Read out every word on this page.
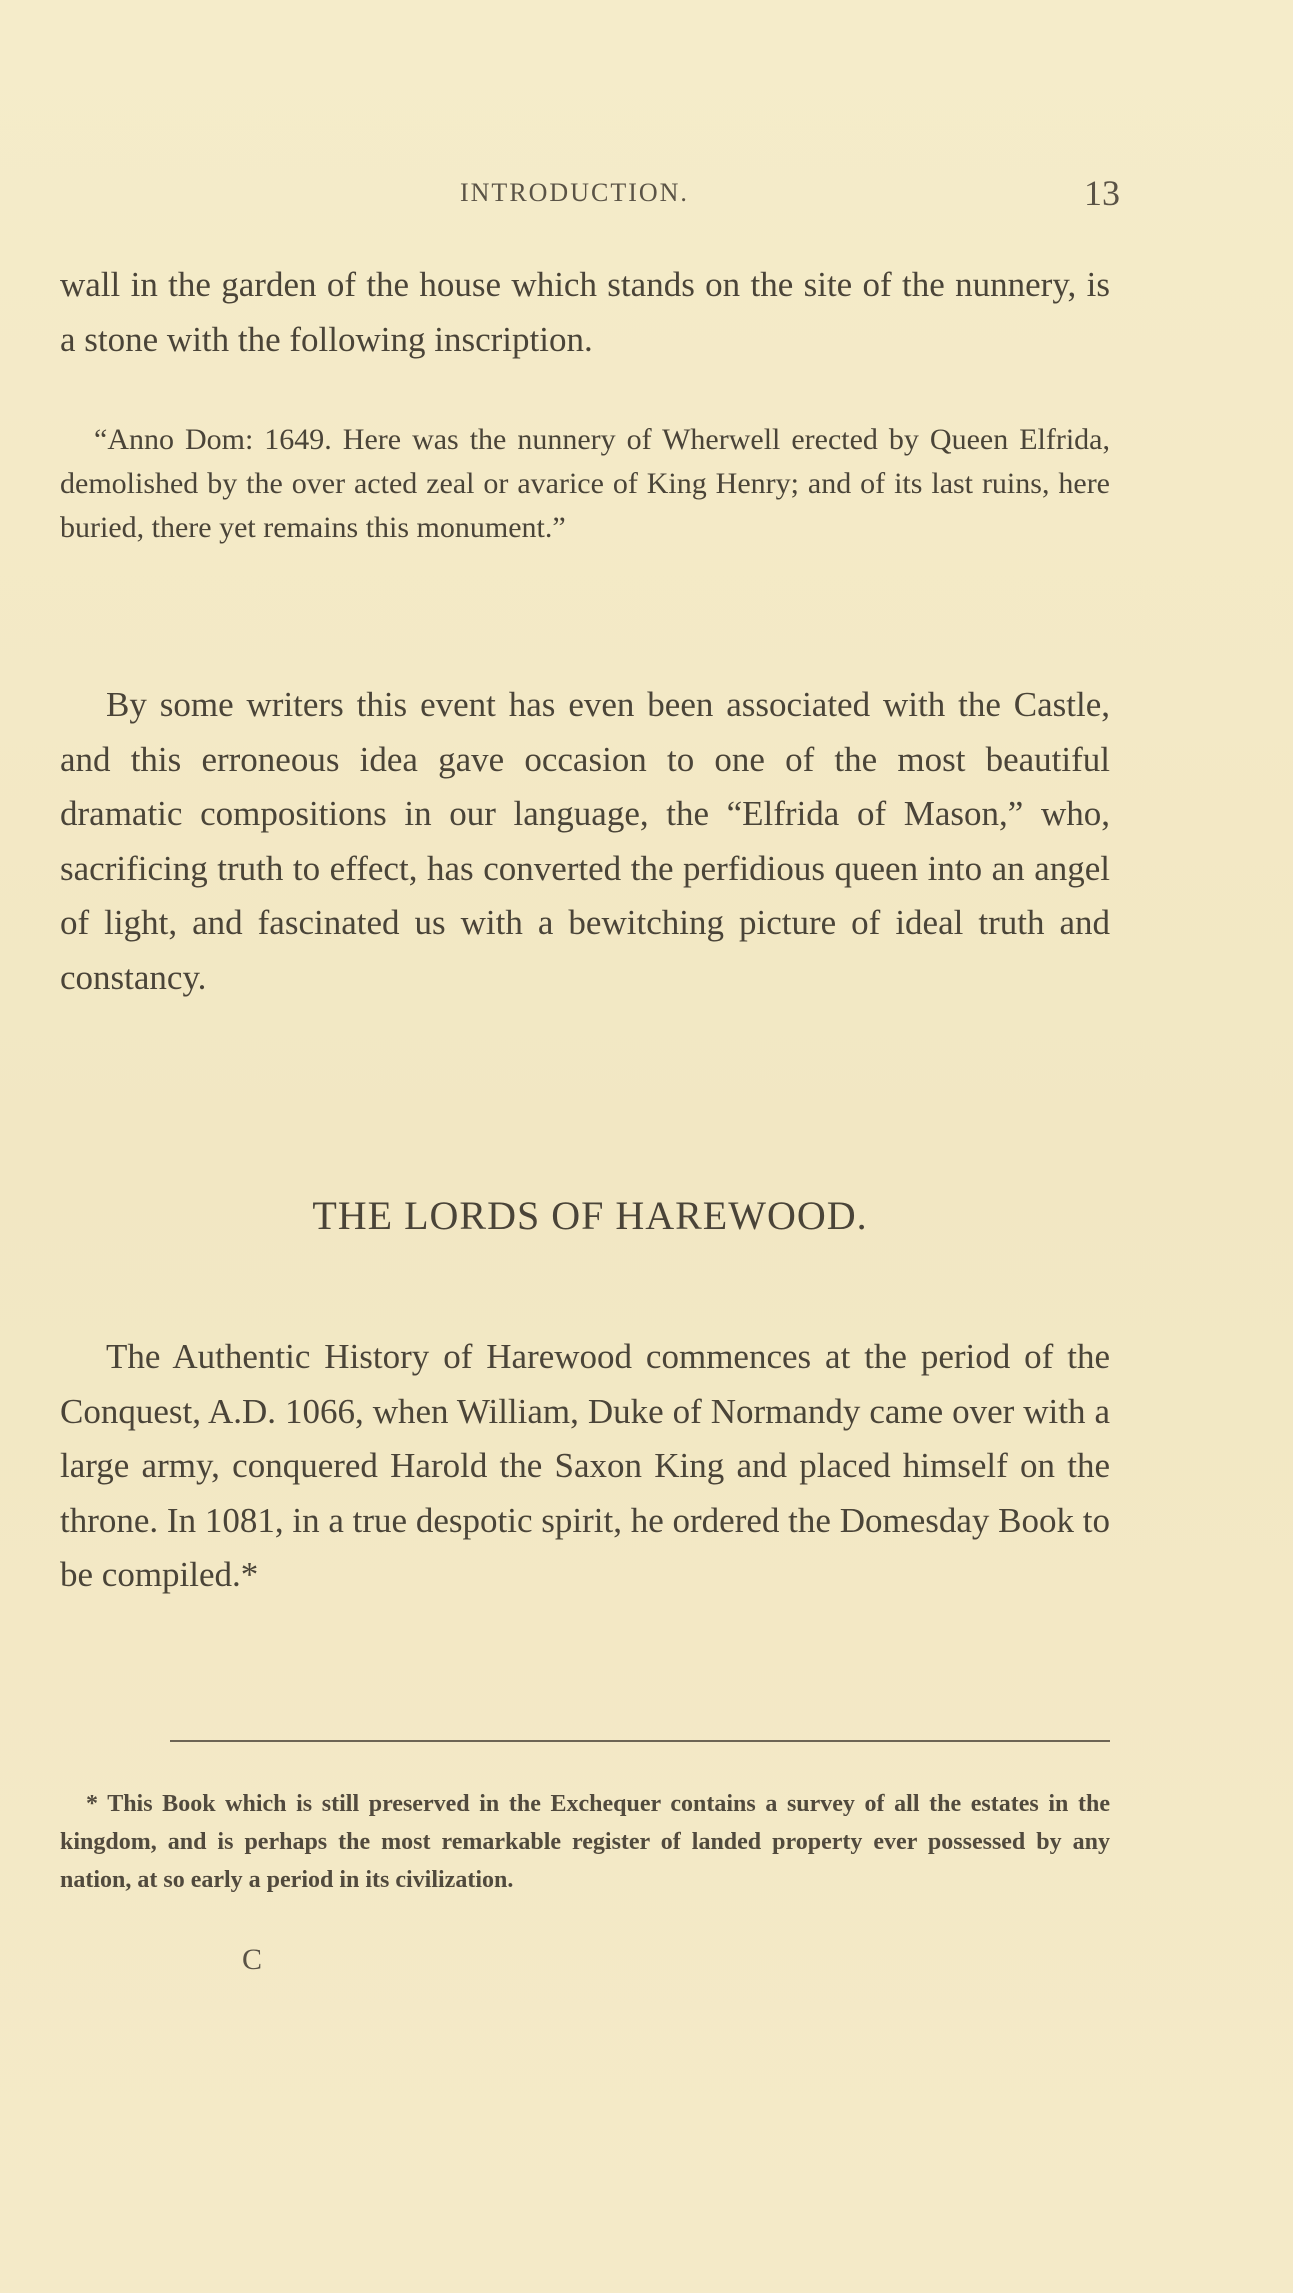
INTRODUCTION.	13

wall in the garden of the house which stands on the site of the nunnery, is a stone with the following inscription.

“Anno Dom: 1649. Here was the nunnery of Wherwell erected by Queen Elfrida, demolished by the over acted zeal or avarice of King Henry; and of its last ruins, here buried, there yet remains this monument.”

By some writers this event has even been associated with the Castle, and this erroneous idea gave occasion to one of the most beautiful dramatic compositions in our language, the “Elfrida of Mason,” who, sacrificing truth to effect, has converted the perfidious queen into an angel of light, and fascinated us with a bewitching picture of ideal truth and constancy.

THE LORDS OF HAREWOOD.

The Authentic History of Harewood commences at the period of the Conquest, A.D. 1066, when William, Duke of Normandy came over with a large army, conquered Harold the Saxon King and placed himself on the throne. In 1081, in a true despotic spirit, he ordered the Domesday Book to be compiled.*

* This Book which is still preserved in the Exchequer contains a survey of all the estates in the kingdom, and is perhaps the most remarkable register of landed property ever possessed by any nation, at so early a period in its civilization.

C
